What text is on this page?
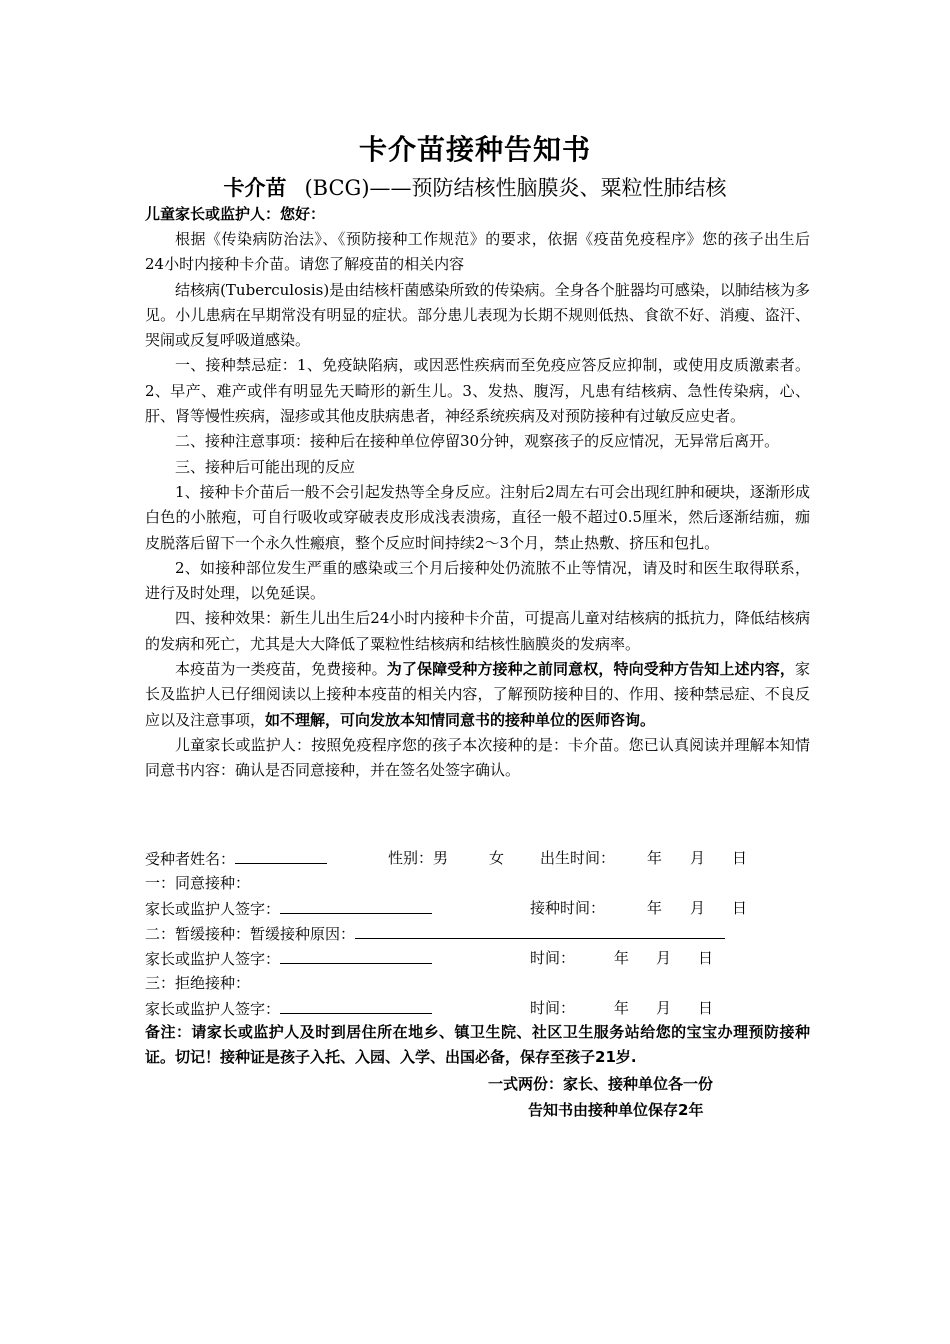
卡介苗接种告知书
卡介苗 (BCG)——预防结核性脑膜炎、粟粒性肺结核
儿童家长或监护人：您好：

根据《传染病防治法》、《预防接种工作规范》的要求，依据《疫苗免疫程序》您的孩子出生后 24小时内接种卡介苗。请您了解疫苗的相关内容

结核病(Tuberculosis)是由结核杆菌感染所致的传染病。全身各个脏器均可感染，以肺结核为多见。小儿患病在早期常没有明显的症状。部分患儿表现为长期不规则低热、食欲不好、消瘦、盗汗、哭闹或反复呼吸道感染。

一、接种禁忌症：1、免疫缺陷病，或因恶性疾病而至免疫应答反应抑制，或使用皮质激素者。2、早产、难产或伴有明显先天畸形的新生儿。3、发热、腹泻，凡患有结核病、急性传染病，心、肝、肾等慢性疾病，湿疹或其他皮肤病患者，神经系统疾病及对预防接种有过敏反应史者。

二、接种注意事项：接种后在接种单位停留30分钟，观察孩子的反应情况，无异常后离开。

三、接种后可能出现的反应

1、接种卡介苗后一般不会引起发热等全身反应。注射后2周左右可会出现红肿和硬块，逐渐形成白色的小脓疱，可自行吸收或穿破表皮形成浅表溃疡，直径一般不超过0.5厘米，然后逐渐结痂，痂皮脱落后留下一个永久性瘢痕，整个反应时间持续2～3个月，禁止热敷、挤压和包扎。

2、如接种部位发生严重的感染或三个月后接种处仍流脓不止等情况，请及时和医生取得联系，进行及时处理，以免延误。

四、接种效果：新生儿出生后24小时内接种卡介苗，可提高儿童对结核病的抵抗力，降低结核病的发病和死亡，尤其是大大降低了粟粒性结核病和结核性脑膜炎的发病率。

本疫苗为一类疫苗，免费接种。为了保障受种方接种之前同意权，特向受种方告知上述内容，家长及监护人已仔细阅读以上接种本疫苗的相关内容，了解预防接种目的、作用、接种禁忌症、不良反应以及注意事项，如不理解，可向发放本知情同意书的接种单位的医师咨询。

儿童家长或监护人：按照免疫程序您的孩子本次接种的是：卡介苗。您已认真阅读并理解本知情同意书内容：确认是否同意接种，并在签名处签字确认。

受种者姓名：	性别：男	女 出生时间： 年 月 日
一：同意接种：
家长或监护人签字：	接种时间：	年 月 日
二：暂缓接种：暂缓接种原因：
家长或监护人签字：	时间：	年 月 日
三：拒绝接种：
家长或监护人签字：	时间：	年 月 日
备注：请家长或监护人及时到居住所在地乡、镇卫生院、社区卫生服务站给您的宝宝办理预防接种证。切记！接种证是孩子入托、入园、入学、出国必备，保存至孩子21岁.
一式两份：家长、接种单位各一份
告知书由接种单位保存2年
